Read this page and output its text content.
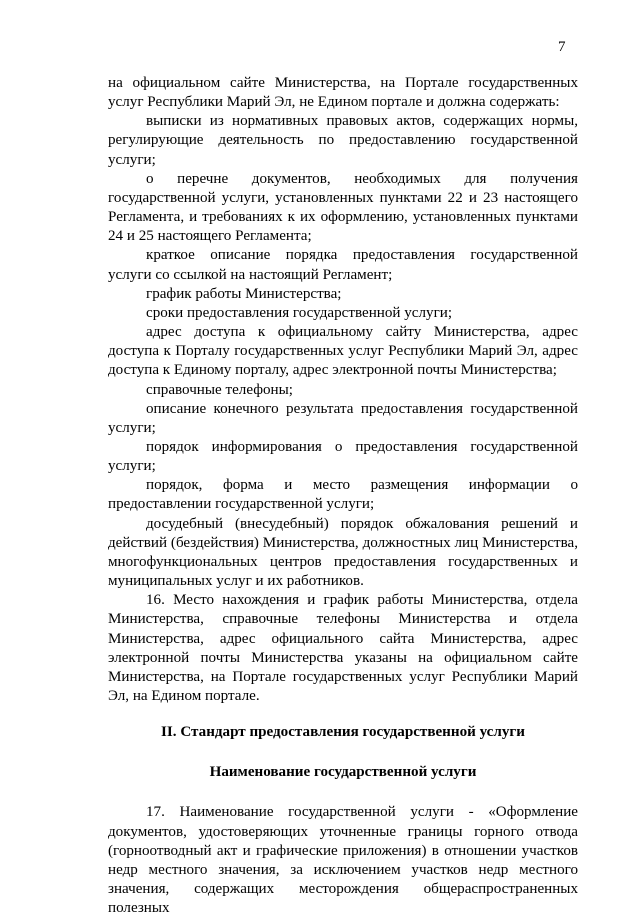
7

на официальном сайте Министерства, на Портале государственных услуг Республики Марий Эл, не Едином портале и должна содержать:

выписки из нормативных правовых актов, содержащих нормы, регулирующие деятельность по предоставлению государственной услуги;

о перечне документов, необходимых для получения государственной услуги, установленных пунктами 22 и 23 настоящего Регламента, и требованиях к их оформлению, установленных пунктами 24 и 25 настоящего Регламента;

краткое описание порядка предоставления государственной услуги со ссылкой на настоящий Регламент;

график работы Министерства;

сроки предоставления государственной услуги;

адрес доступа к официальному сайту Министерства, адрес доступа к Порталу государственных услуг Республики Марий Эл, адрес доступа к Единому порталу, адрес электронной почты Министерства;

справочные телефоны;

описание конечного результата предоставления государственной услуги;

порядок информирования о предоставления государственной услуги;

порядок, форма и место размещения информации о предоставлении государственной услуги;

досудебный (внесудебный) порядок обжалования решений и действий (бездействия) Министерства, должностных лиц Министерства, многофункциональных центров предоставления государственных и муниципальных услуг и их работников.

16. Место нахождения и график работы Министерства, отдела Министерства, справочные телефоны Министерства и отдела Министерства, адрес официального сайта Министерства, адрес электронной почты Министерства указаны на официальном сайте Министерства, на Портале государственных услуг Республики Марий Эл, на Едином портале.

II. Стандарт предоставления государственной услуги

Наименование государственной услуги

17. Наименование государственной услуги - «Оформление документов, удостоверяющих уточненные границы горного отвода (горноотводный акт и графические приложения) в отношении участков недр местного значения, за исключением участков недр местного значения, содержащих месторождения общераспространенных полезных
